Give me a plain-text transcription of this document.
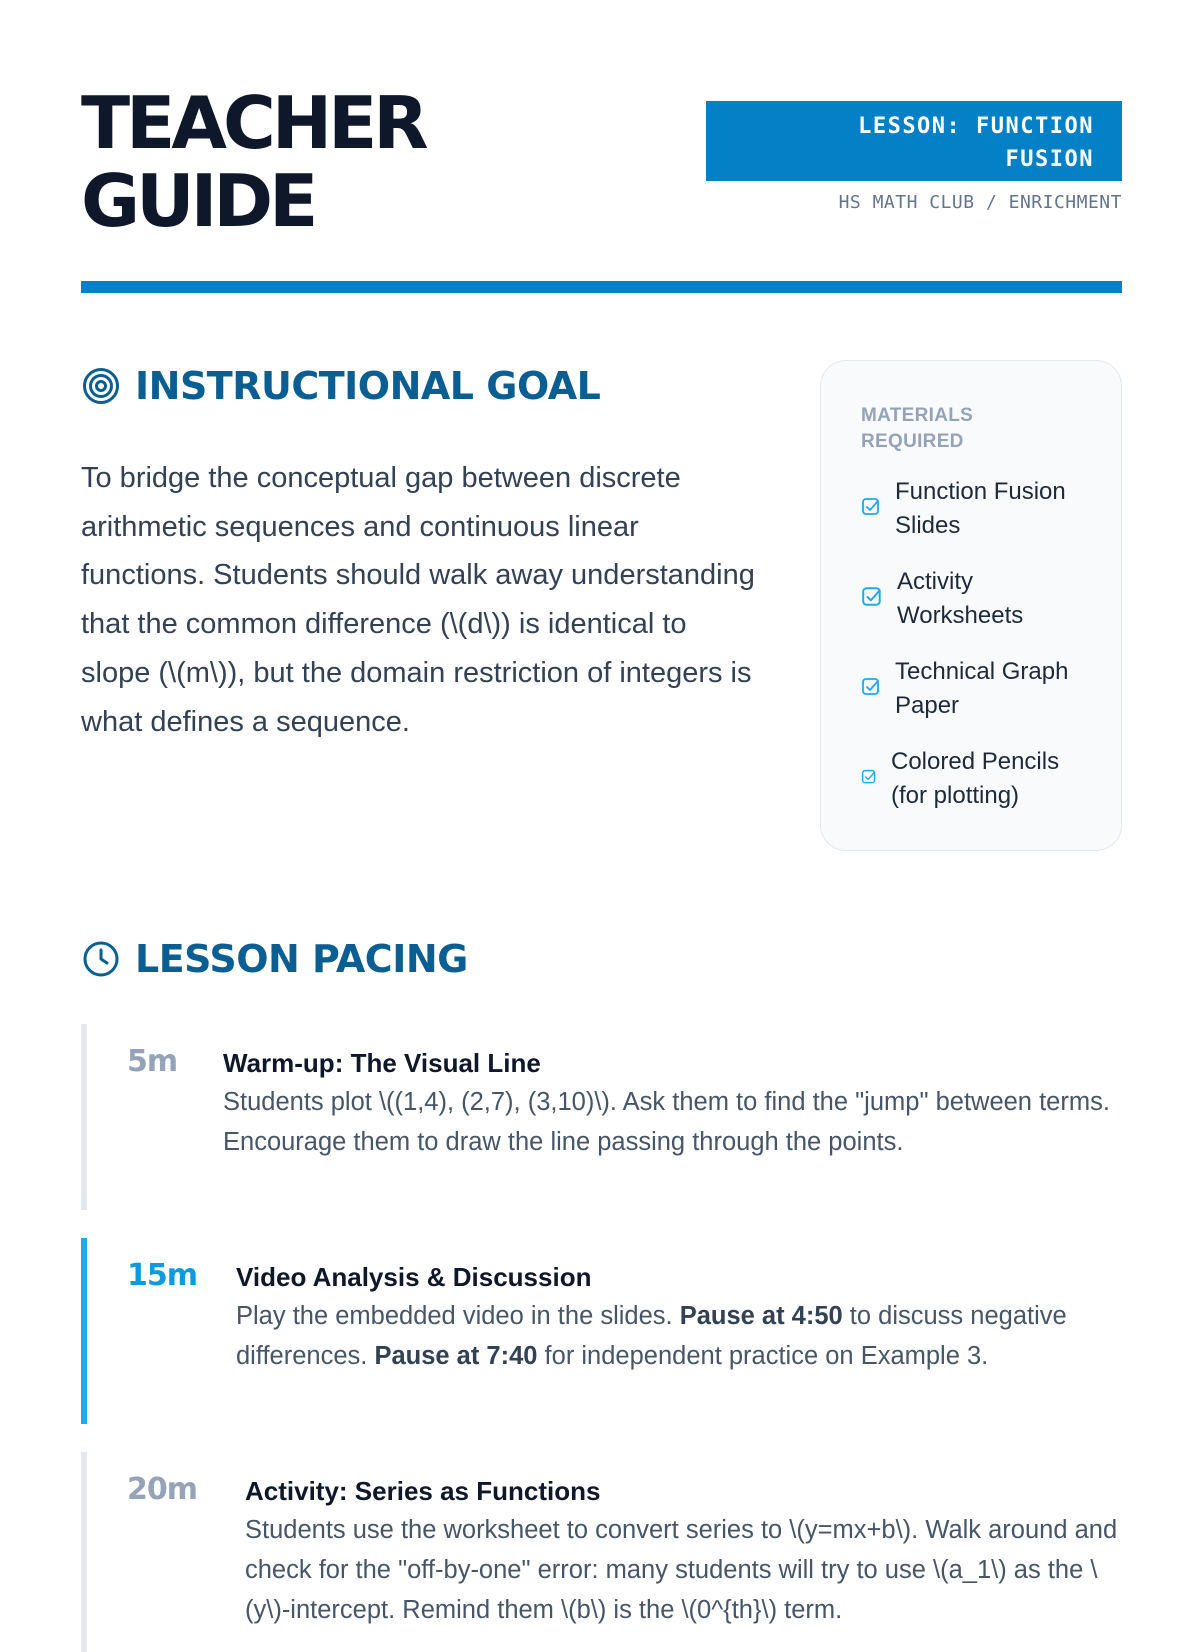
TEACHER
GUIDE
LESSON: FUNCTION
FUSION
HS MATH CLUB / ENRICHMENT
INSTRUCTIONAL GOAL

To bridge the conceptual gap between discrete arithmetic sequences and continuous linear functions. Students should walk away understanding that the common difference (\(d\)) is identical to slope (\(m\)), but the domain restriction of integers is what defines a sequence.

MATERIALS REQUIRED
Function Fusion Slides
Activity Worksheets
Technical Graph Paper
Colored Pencils (for plotting)
LESSON PACING
5m Warm-up: The Visual Line
Students plot \((1,4), (2,7), (3,10)\). Ask them to find the "jump" between terms. Encourage them to draw the line passing through the points.
15m Video Analysis & Discussion
Play the embedded video in the slides. Pause at 4:50 to discuss negative differences. Pause at 7:40 for independent practice on Example 3.
20m Activity: Series as Functions
Students use the worksheet to convert series to \(y=mx+b\). Walk around and check for the "off-by-one" error: many students will try to use \(a_1\) as the \(y\)-intercept. Remind them \(b\) is the \(0^{th}\) term.
